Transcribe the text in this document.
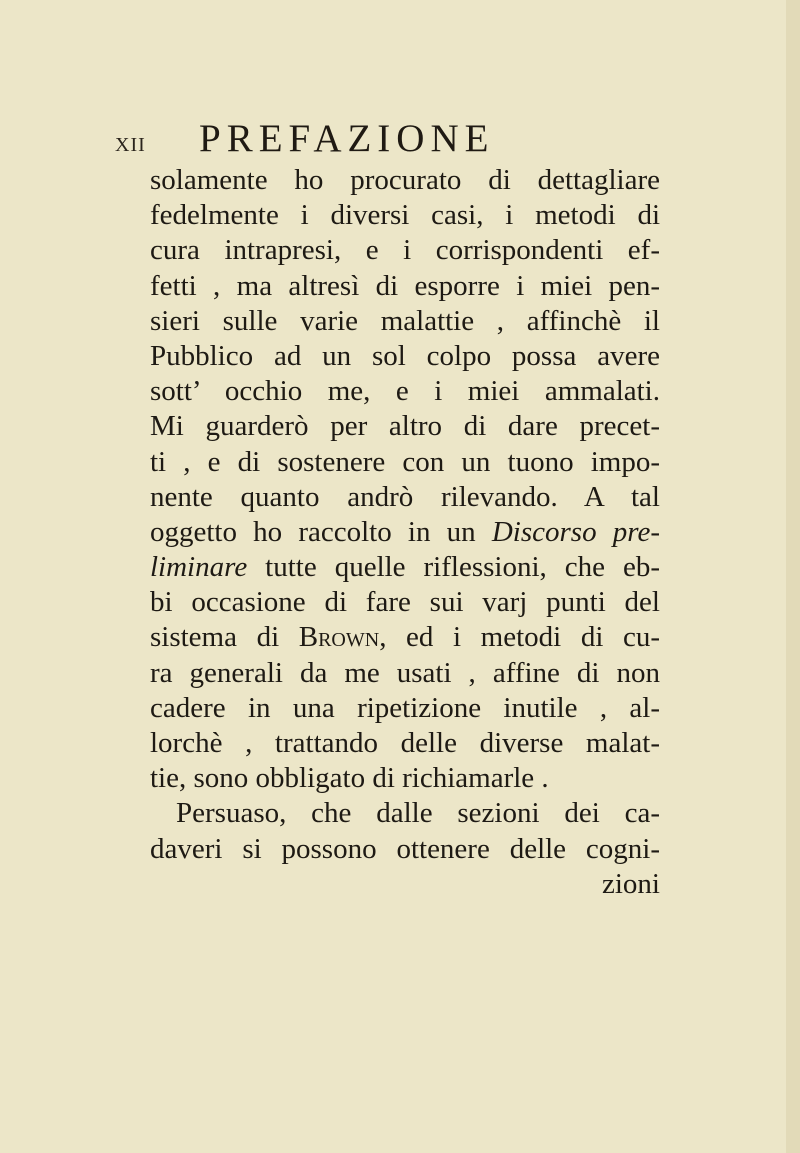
XII PREFAZIONE
solamente ho procurato di dettagliare
fedelmente i diversi casi, i metodi di
cura intrapresi, e i corrispondenti ef-
fetti , ma altresì di esporre i miei pen-
sieri sulle varie malattie , affinchè il
Pubblico ad un sol colpo possa avere
sott’ occhio me, e i miei ammalati.
Mi guarderò per altro di dare precet-
ti , e di sostenere con un tuono impo-
nente quanto andrò rilevando. A tal
oggetto ho raccolto in un Discorso pre-
liminare tutte quelle riflessioni, che eb-
bi occasione di fare sui varj punti del
sistema di Brown, ed i metodi di cu-
ra generali da me usati , affine di non
cadere in una ripetizione inutile , al-
lorchè , trattando delle diverse malat-
tie, sono obbligato di richiamarle .
Persuaso, che dalle sezioni dei ca-
daveri si possono ottenere delle cogni-
zioni
